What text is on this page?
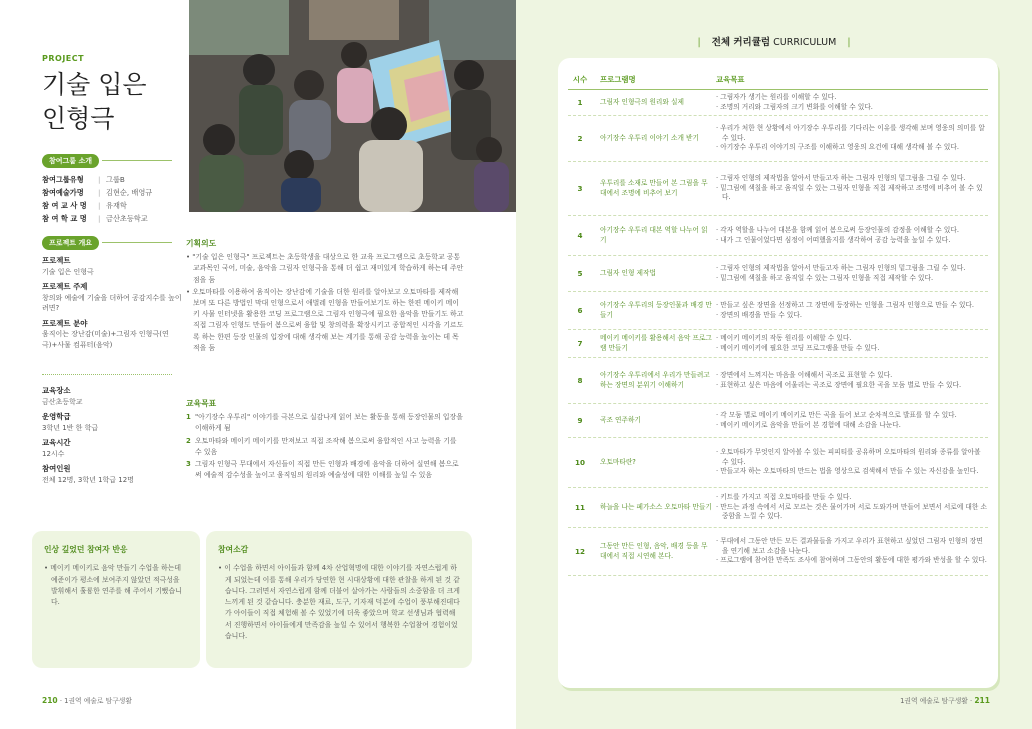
PROJECT
기술 입은
인형극
참여그룹 소개
참여그룹유형	| 그룹B
참여예술가명	| 김현순, 배영규
참 여 교 사 명	| 유재학
참 여 학 교 명	| 금산초등학교
프로젝트 개요
프로젝트
기술 입은 인형극
프로젝트 주제
창의와 예술에 기술을 더하여 공감지수를 높이려면?
프로젝트 분야
움직이는 장난감(미술)+그림자 인형극(연극)+사물 컴퓨터(음악)
교육장소
금산초등학교
운영학급
3학년 1반 한 학급
교육시간
12시수
참여인원
전체 12명, 3학년 1학급 12명
기획의도
• "기술 입은 인형극" 프로젝트는 초등학생을 대상으로 한 교육 프로그램으로 초등학교 공통 교과목인 국어, 미술, 음악을 그림자 인형극을 통해 더 쉽고 재미있게 학습하게 하는데 주안점을 둠
• 오토마타를 이용하여 움직이는 장난감에 기술을 더한 원리를 알아보고 오토마타를 제작해 보며 또 다른 방법인 막대 인형으로서 애벌레 인형을 만들어보기도 하는 한편 메이키 메이키 사물 인터넷을 활용한 코딩 프로그램으로 그림자 인형극에 필요한 음악을 만들기도 하고 직접 그림자 인형도 만들어 봄으로써 융합 및 창의력을 확장시키고 종합적인 시각을 기르도록 하는 한편 등장 인물의 입장에 대해 생각해 보는 계기를 통해 공감 능력을 높이는 데 목적을 둠
교육목표
1 "아기장수 우투리" 이야기를 극본으로 실감나게 읽어 보는 활동을 통해 등장인물의 입장을 이해하게 됨
2 오토마타와 메이키 메이키를 만져보고 직접 조작해 봄으로써 융합적인 사고 능력을 기를 수 있음
3 그림자 인형극 무대에서 자신들이 직접 만든 인형과 배경에 음악을 더하여 실연해 봄으로써 예술적 감수성을 높이고 움직임의 원리와 예술성에 대한 이해를 높일 수 있음
인상 깊었던 참여자 반응
• 메이키 메이키로 음악 만들기 수업을 하는데 예준이가 평소에 보여주지 않았던 적극성을 발휘해서 훌륭한 연주를 해 주어서 기뻤습니다.
참여소감
• 이 수업을 하면서 아이들과 함께 4차 산업혁명에 대한 이야기를 자연스럽게 하게 되었는데 이를 통해 우리가 당연한 현 시대상황에 대한 관찰을 하게 된 것 같습니다. 그러면서 자연스럽게 함께 더불어 살아가는 사람들의 소중함을 더 크게 느끼게 된 것 같습니다. 충분한 재료, 도구, 기자재 덕분에 수업이 풍부해진데다가 아이들이 직접 체험해 볼 수 있었기에 더욱 좋았으며 학교 선생님과 협력해서 진행하면서 아이들에게 만족감을 높일 수 있어서 행복한 수업참여 경험이었습니다.
210 · 1권역 예술로 탐구생활
| 전체 커리큘럼 CURRICULUM |
시수	프로그램명	교육목표
1	그림자 인형극의 원리와 실제
· 그림자가 생기는 원리를 이해할 수 있다.
· 조명의 거리와 그림자의 크기 변화를 이해할 수 있다.
2	아기장수 우투리 이야기 소개 받기
· 우리가 처한 현 상황에서 아기장수 우투리를 기다리는 이유를 생각해 보며 영웅의 의미를 알 수 있다.
· 아기장수 우투리 이야기의 구조를 이해하고 영웅의 요건에 대해 생각해 볼 수 있다.
3
우투리를 소재로 만들어 본 그림을 무대에서 조명에 비추어 보기
· 그림자 인형의 제작법을 알아서 만들고자 하는 그림자 인형의 밑그림을 그릴 수 있다.
· 밑그림에 색칠을 하고 움직일 수 있는 그림자 인형을 직접 제작하고 조명에 비추어 볼 수 있다.
4
아기장수 우투리 대본 역할 나누어 읽기
· 각자 역할을 나누어 대본을 함께 읽어 봄으로써 등장인물의 감정을 이해할 수 있다.
· 내가 그 인물이었다면 심정이 어떠했을지를 생각하여 공감 능력을 높일 수 있다.
5	그림자 인형 제작법
· 그림자 인형의 제작법을 알아서 만들고자 하는 그림자 인형의 밑그림을 그릴 수 있다.
· 밑그림에 색칠을 하고 움직일 수 있는 그림자 인형을 직접 제작할 수 있다.
6
아기장수 우투리의 등장인물과 배경 만들기
· 만들고 싶은 장면을 선정하고 그 장면에 등장하는 인형을 그림자 인형으로 만들 수 있다.
· 장면의 배경을 만들 수 있다.
7
메이키 메이키를 활용해서 음악 프로그램 만들기
· 메이키 메이키의 작동 원리를 이해할 수 있다.
· 메이키 메이키에 필요한 코딩 프로그램을 만들 수 있다.
8
아기장수 우투리에서 우리가 만들려고 하는 장면의 분위기 이해하기
· 장면에서 느껴지는 마음을 이해해서 곡조로 표현할 수 있다.
· 표현하고 싶은 마음에 어울리는 곡조로 장면에 필요한 곡을 모둠 별로 만들 수 있다.
9	곡조 연주하기
· 각 모둠 별로 메이키 메이키로 만든 곡을 들어 보고 순차적으로 발표를 할 수 있다.
· 메이키 메이키로 음악을 만들어 본 경험에 대해 소감을 나눈다.
10	오토마타란?
· 오토마타가 무엇인지 알아볼 수 있는 피피티를 공유하며 오토마타의 원리와 종류를 알아볼 수 있다.
· 만들고자 하는 오토마타의 만드는 법을 영상으로 검색해서 만들 수 있는 자신감을 높인다.
11	하늘을 나는 페가소스 오토마타 만들기
· 키트를 가지고 직접 오토마타를 만들 수 있다.
· 만드는 과정 속에서 서로 모르는 것은 물어가며 서로 도와가며 만들어 보면서 서로에 대한 소중함을 느낄 수 있다.
12
그동안 만든 인형, 음악, 배경 등을 무대에서 직접 시연해 본다.
· 무대에서 그동안 만든 모든 결과물들을 가지고 우리가 표현하고 싶었던 그림자 인형의 장면을 연기해 보고 소감을 나눈다.
· 프로그램에 참여한 만족도 조사에 참여하며 그동안의 활동에 대한 평가와 반성을 할 수 있다.
1권역 예술로 탐구생활 · 211
